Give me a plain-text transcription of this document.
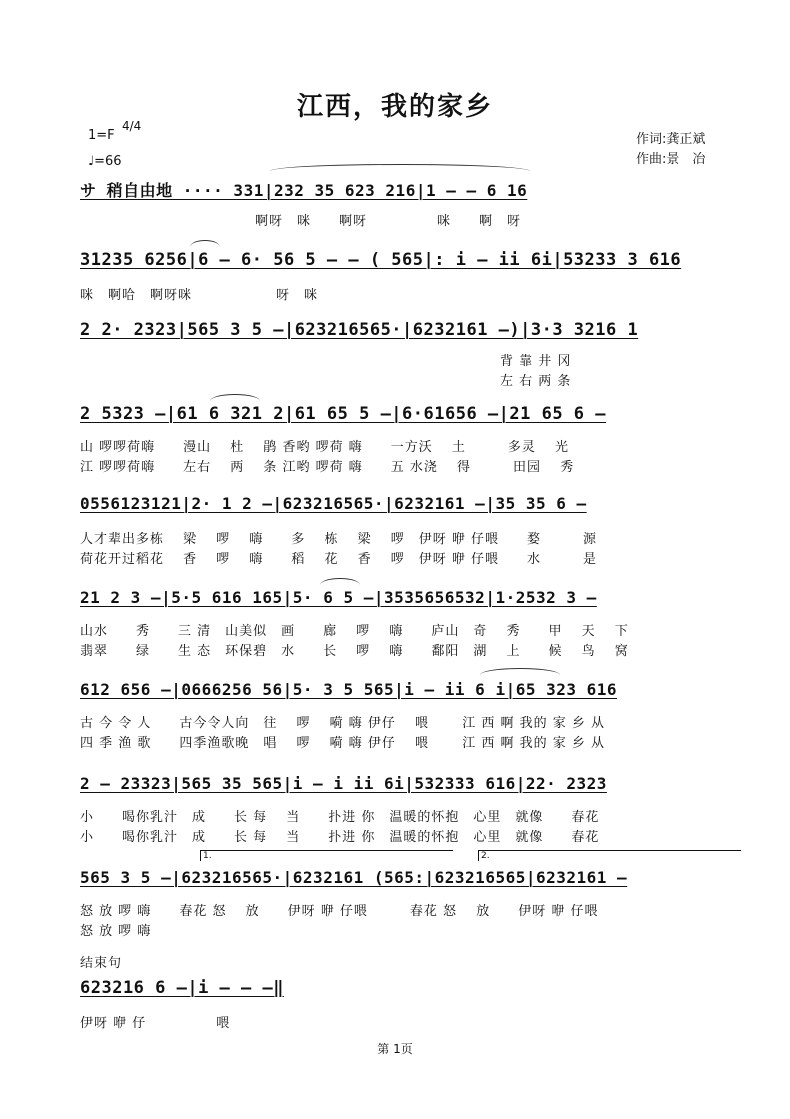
江西，我的家乡
1=F
4/4
♩=66
作词:龚正斌
作曲:景　冶
サ 稍自由地 ···· 331|232 35 623 216|1 — — 6 16
啊呀　咪　　啊呀　　　　　咪　　啊　呀
31235 6256|6 — 6· 56 5 — — ( 565|: i — ii 6i|53233 3 616
咪　啊哈　啊呀咪　　　　　　呀　咪
2 2· 2323|565 3 5 —|623216565·|6232161 —)|3·3 3216 1
　　　　　　　　　　　　　　　　　　　　　　　　　　　　　　背 靠 井 冈
　　　　　　　　　　　　　　　　　　　　　　　　　　　　　　左 右 两 条
2 5323 —|61 6 321 2|61 65 5 —|6·61656 —|21 65 6 —
山 啰啰荷嗨　　漫山　 杜　 鹃 香哟 啰荷 嗨　　一方沃　 土　　　多灵　 光
江 啰啰荷嗨　　左右　 两　 条 江哟 啰荷 嗨　　五 水浇　 得　　　田园　 秀
0556123121|2· 1 2 —|623216565·|6232161 —|35 35 6 —
人才辈出多栋　 梁　 啰　 嗨　　多　 栋　 梁　 啰　伊呀 咿 仔喂　　婺　　　源
荷花开过稻花　 香　 啰　 嗨　　稻　 花　 香　 啰　伊呀 咿 仔喂　　水　　　是
21 2 3 —|5·5 616 165|5· 6 5 —|3535656532|1·2532 3 —
山水　　秀　　三 清　山美似　画　　廊　 啰　 嗨　　庐山　奇　 秀　　甲　 天　 下
翡翠　　绿　　生 态　环保碧　水　　长　 啰　 嗨　　鄱阳　湖　 上　　候　 鸟　 窝
612 656 —|0666256 56|5· 3 5 565|i — ii 6 i|65 323 616
古 今 令 人　　古今令人向　往　 啰　 嗬 嗨 伊仔　 喂　　 江 西 啊 我的 家 乡 从
四 季 渔 歌　　四季渔歌晚　唱　 啰　 嗬 嗨 伊仔　 喂　　 江 西 啊 我的 家 乡 从
2 — 23323|565 35 565|i — i ii 6i|532333 616|22· 2323
小　　喝你乳汁　成　　长 每　 当　　扑进 你　温暖的怀抱　心里　就像　　春花
小　　喝你乳汁　成　　长 每　 当　　扑进 你　温暖的怀抱　心里　就像　　春花
1.	2.
565 3 5 —|623216565·|6232161 (565:|623216565|6232161 —
怒 放 啰 嗨　　春花 怒　 放　　伊呀 咿 仔喂　　　春花 怒　 放　　伊呀 咿 仔喂
怒 放 啰 嗨
结束句
623216 6 —|i — — —‖
伊呀 咿 仔　　　　　喂
第 1页
